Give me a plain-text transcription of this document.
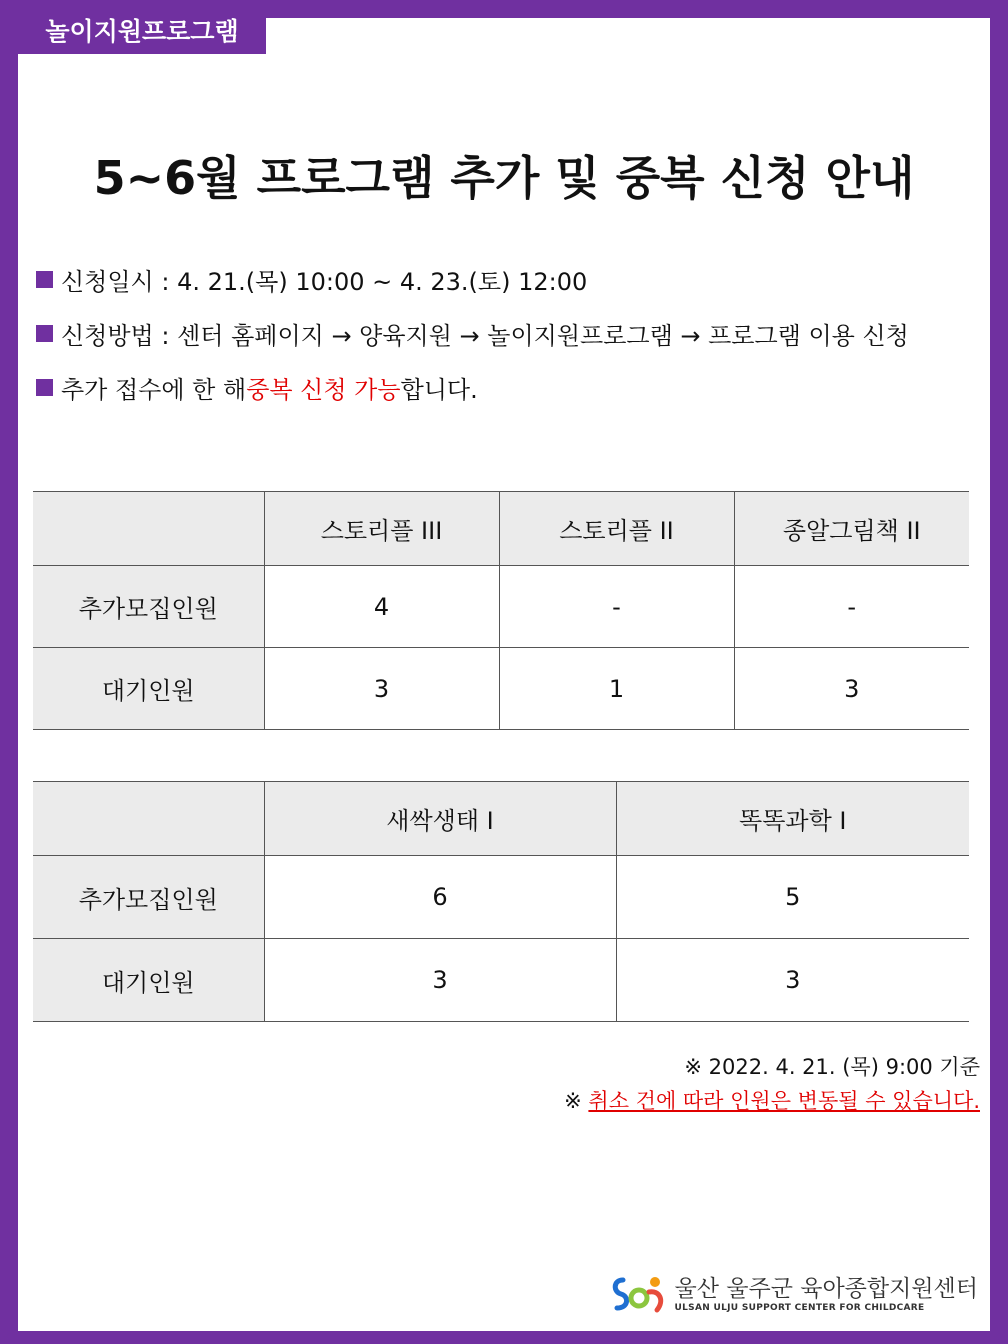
놀이지원프로그램
5~6월 프로그램 추가 및 중복 신청 안내
신청일시 : 4. 21.(목) 10:00 ~ 4. 23.(토) 12:00
신청방법 : 센터 홈페이지 → 양육지원 → 놀이지원프로그램 → 프로그램 이용 신청
추가 접수에 한 해 중복 신청 가능 합니다.
	스토리플 III	스토리플 II	종알그림책 II
추가모집인원	4	-	-
대기인원	3	1	3
	새싹생태 I	똑똑과학 I
추가모집인원	6	5
대기인원	3	3
※ 2022. 4. 21. (목) 9:00 기준
※ 취소 건에 따라 인원은 변동될 수 있습니다.
울산 울주군 육아종합지원센터
ULSAN ULJU SUPPORT CENTER FOR CHILDCARE
